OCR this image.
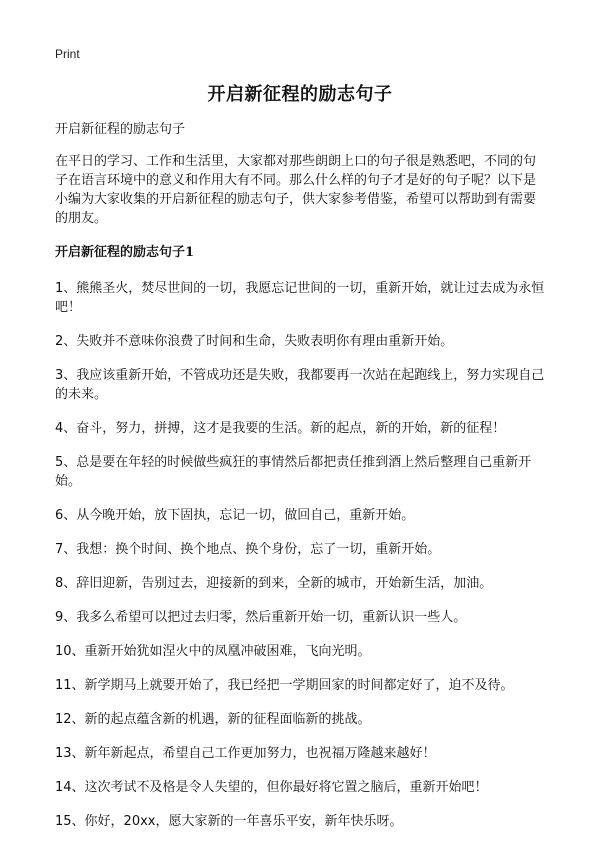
Print
开启新征程的励志句子

开启新征程的励志句子

在平日的学习、工作和生活里，大家都对那些朗朗上口的句子很是熟悉吧，不同的句子在语言环境中的意义和作用大有不同。那么什么样的句子才是好的句子呢？以下是小编为大家收集的开启新征程的励志句子，供大家参考借鉴，希望可以帮助到有需要的朋友。

开启新征程的励志句子1

1、熊熊圣火，焚尽世间的一切，我愿忘记世间的一切，重新开始，就让过去成为永恒吧！

2、失败并不意味你浪费了时间和生命，失败表明你有理由重新开始。

3、我应该重新开始，不管成功还是失败，我都要再一次站在起跑线上，努力实现自己的未来。

4、奋斗，努力，拼搏，这才是我要的生活。新的起点，新的开始，新的征程！

5、总是要在年轻的时候做些疯狂的事情然后都把责任推到酒上然后整理自己重新开始。

6、从今晚开始，放下固执，忘记一切，做回自己，重新开始。

7、我想：换个时间、换个地点、换个身份，忘了一切，重新开始。

8、辞旧迎新，告别过去，迎接新的到来，全新的城市，开始新生活，加油。

9、我多么希望可以把过去归零，然后重新开始一切，重新认识一些人。

10、重新开始犹如涅火中的凤凰冲破困难，飞向光明。

11、新学期马上就要开始了，我已经把一学期回家的时间都定好了，迫不及待。

12、新的起点蕴含新的机遇，新的征程面临新的挑战。

13、新年新起点，希望自己工作更加努力，也祝福万隆越来越好！

14、这次考试不及格是令人失望的，但你最好将它置之脑后，重新开始吧！

15、你好，20xx，愿大家新的一年喜乐平安，新年快乐呀。
